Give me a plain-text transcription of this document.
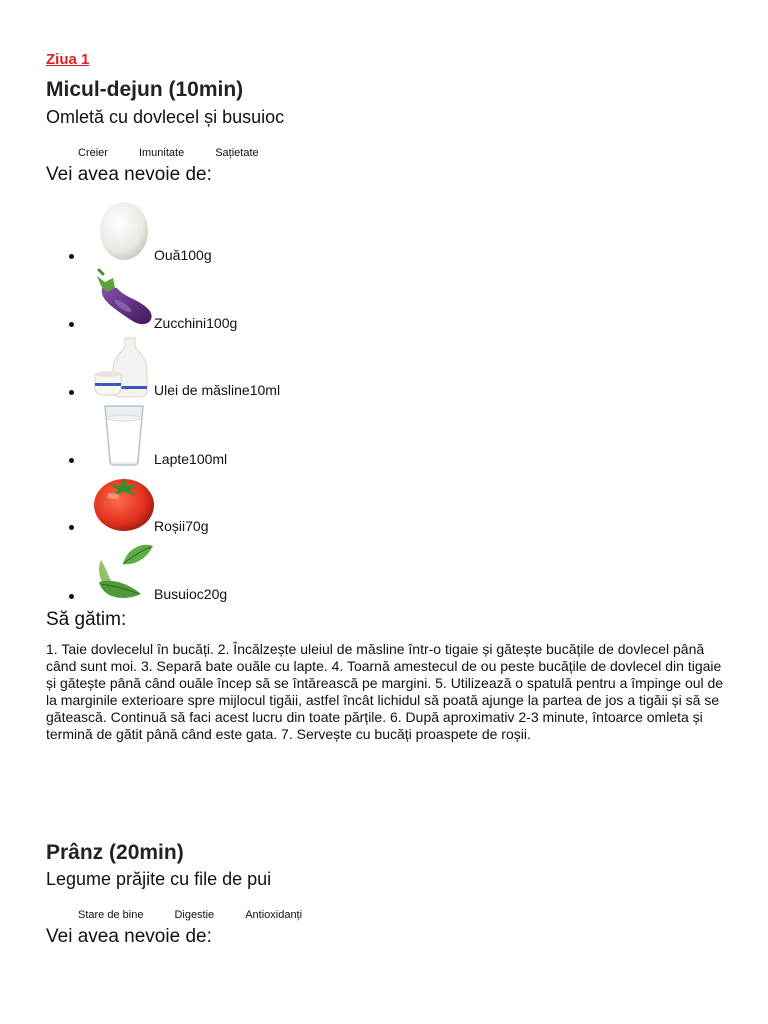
Ziua 1
Micul-dejun (10min)
Omletă cu dovlecel și busuioc
Creier	Imunitate	Sațietate
Vei avea nevoie de:
Ouă100g
Zucchini100g
Ulei de măsline10ml
Lapte100ml
Roșii70g
Busuioc20g
Să gătim:
1. Taie dovlecelul în bucăți. 2. Încălzește uleiul de măsline într-o tigaie și gătește bucățile de dovlecel până când sunt moi. 3. Separă bate ouăle cu lapte. 4. Toarnă amestecul de ou peste bucățile de dovlecel din tigaie și gătește până când ouăle încep să se întărească pe margini. 5. Utilizează o spatulă pentru a împinge oul de la marginile exterioare spre mijlocul tigăii, astfel încât lichidul să poată ajunge la partea de jos a tigăii și să se gătească. Continuă să faci acest lucru din toate părțile. 6. După aproximativ 2-3 minute, întoarce omleta și termină de gătit până când este gata. 7. Servește cu bucăți proaspete de roșii.
Prânz (20min)
Legume prăjite cu file de pui
Stare de bine	Digestie	Antioxidanți
Vei avea nevoie de:
